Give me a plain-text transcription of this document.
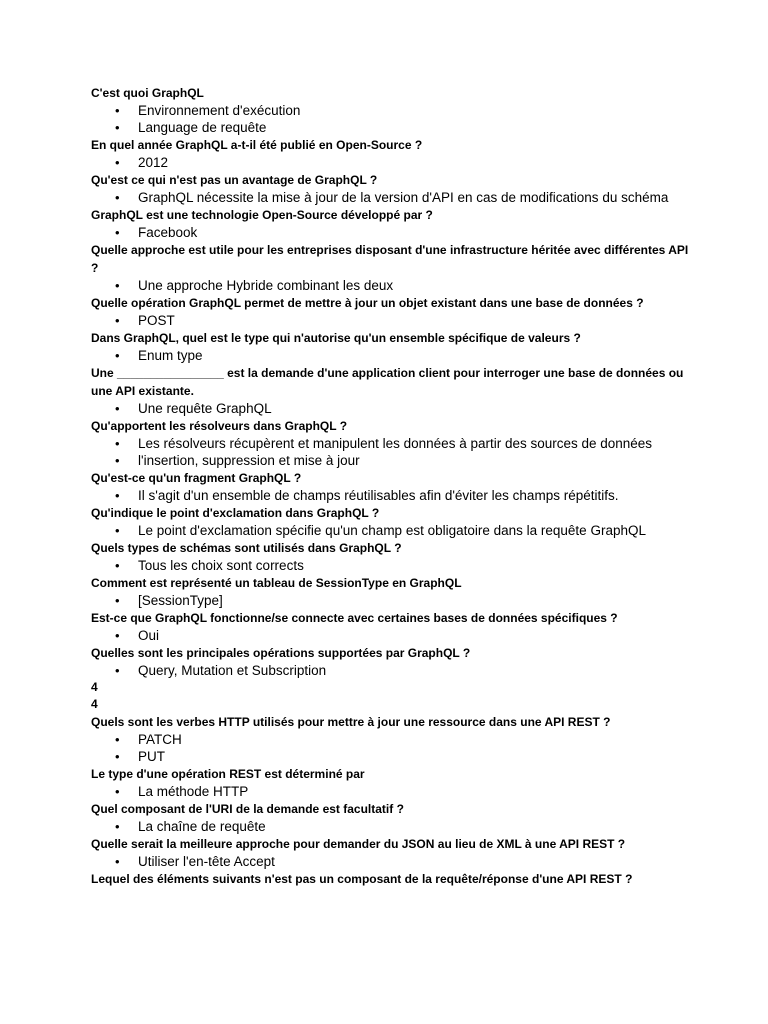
C'est quoi GraphQL

• Environnement d'exécution
• Language de requête

En quel année GraphQL a-t-il été publié en Open-Source ?

• 2012

Qu'est ce qui n'est pas un avantage de GraphQL ?

• GraphQL nécessite la mise à jour de la version d'API en cas de modifications du schéma

GraphQL est une technologie Open-Source développé par ?

• Facebook

Quelle approche est utile pour les entreprises disposant d'une infrastructure héritée avec différentes API ?

• Une approche Hybride combinant les deux

Quelle opération GraphQL permet de mettre à jour un objet existant dans une base de données ?

• POST

Dans GraphQL, quel est le type qui n'autorise qu'un ensemble spécifique de valeurs ?

• Enum type

Une ________________ est la demande d'une application client pour interroger une base de données ou une API existante.

• Une requête GraphQL

Qu'apportent les résolveurs dans GraphQL ?

• Les résolveurs récupèrent et manipulent les données à partir des sources de données
• l'insertion, suppression et mise à jour

Qu'est-ce qu'un fragment GraphQL ?

• Il s'agit d'un ensemble de champs réutilisables afin d'éviter les champs répétitifs.

Qu'indique le point d'exclamation dans GraphQL ?

• Le point d'exclamation spécifie qu'un champ est obligatoire dans la requête GraphQL

Quels types de schémas sont utilisés dans GraphQL ?

• Tous les choix sont corrects

Comment est représenté un tableau de SessionType en GraphQL

• [SessionType]

Est-ce que GraphQL fonctionne/se connecte avec certaines bases de données spécifiques ?

• Oui

Quelles sont les principales opérations supportées par GraphQL ?

• Query, Mutation et Subscription

4

4

Quels sont les verbes HTTP utilisés pour mettre à jour une ressource dans une API REST ?

• PATCH
• PUT

Le type d'une opération REST est déterminé par

• La méthode HTTP

Quel composant de l'URI de la demande est facultatif ?

• La chaîne de requête

Quelle serait la meilleure approche pour demander du JSON au lieu de XML à une API REST ?

• Utiliser l'en-tête Accept

Lequel des éléments suivants n'est pas un composant de la requête/réponse d'une API REST ?
